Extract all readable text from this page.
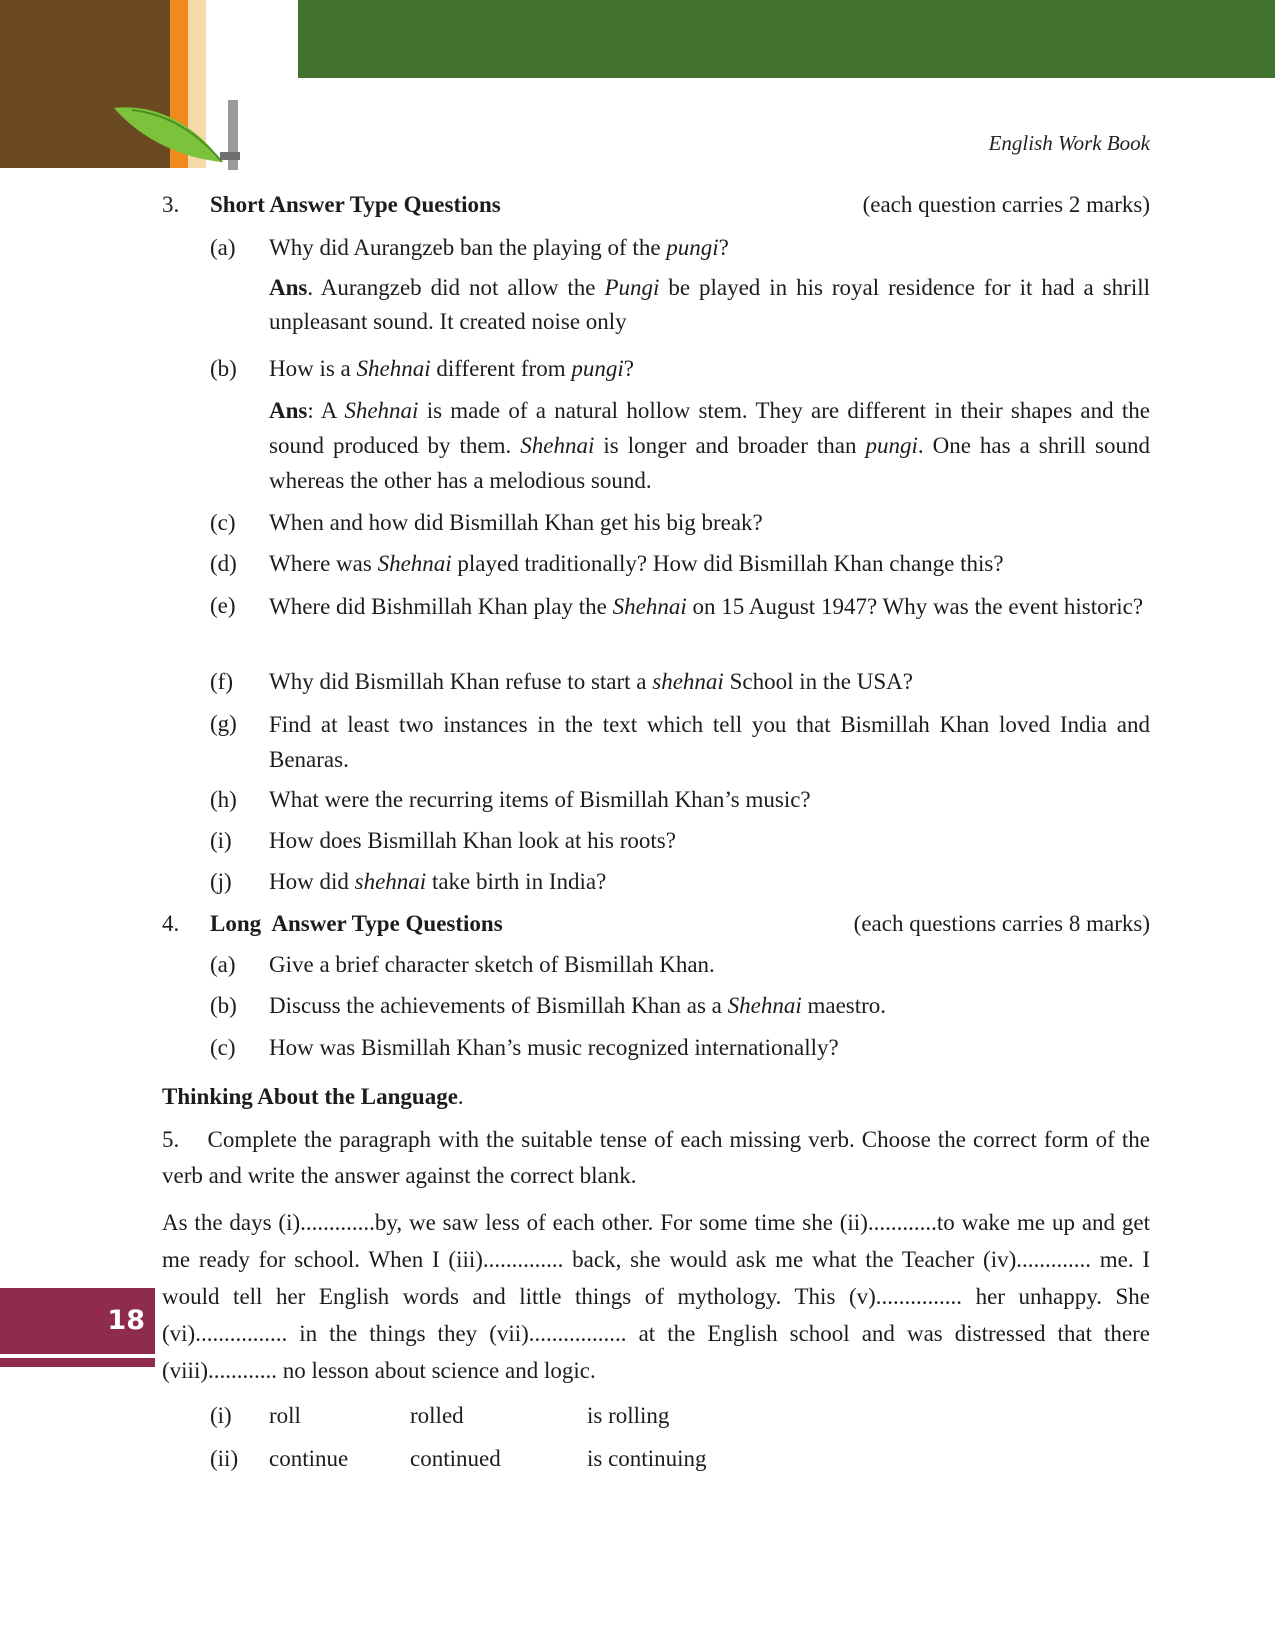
English Work Book
3. Short Answer Type Questions	(each question carries 2 marks)
(a) Why did Aurangzeb ban the playing of the pungi?
Ans. Aurangzeb did not allow the Pungi be played in his royal residence for it had a shrill unpleasant sound. It created noise only
(b) How is a Shehnai different from pungi?
Ans: A Shehnai is made of a natural hollow stem. They are different in their shapes and the sound produced by them. Shehnai is longer and broader than pungi. One has a shrill sound whereas the other has a melodious sound.
(c) When and how did Bismillah Khan get his big break?
(d) Where was Shehnai played traditionally? How did Bismillah Khan change this?
(e) Where did Bishmillah Khan play the Shehnai on 15 August 1947? Why was the event historic?
(f) Why did Bismillah Khan refuse to start a shehnai School in the USA?
(g) Find at least two instances in the text which tell you that Bismillah Khan loved India and Benaras.
(h) What were the recurring items of Bismillah Khan’s music?
(i) How does Bismillah Khan look at his roots?
(j) How did shehnai take birth in India?
4. Long  Answer Type Questions	(each questions carries 8 marks)
(a) Give a brief character sketch of Bismillah Khan.
(b) Discuss the achievements of Bismillah Khan as a Shehnai maestro.
(c) How was Bismillah Khan’s music recognized internationally?
Thinking About the Language.
5.    Complete the paragraph with the suitable tense of each missing verb. Choose the correct form of the verb and write the answer against the correct blank.
As the days (i).............by, we saw less of each other. For some time she (ii)............to wake me up and get me ready for school. When I (iii).............. back, she would ask me what the Teacher (iv)............. me. I would tell her English words and little things of mythology. This (v)............... her unhappy. She (vi)................ in the things they (vii)................. at the English school and was distressed that there (viii)............ no lesson about science and logic.
(i) roll	rolled	is rolling
(ii) continue	continued	is continuing
18
